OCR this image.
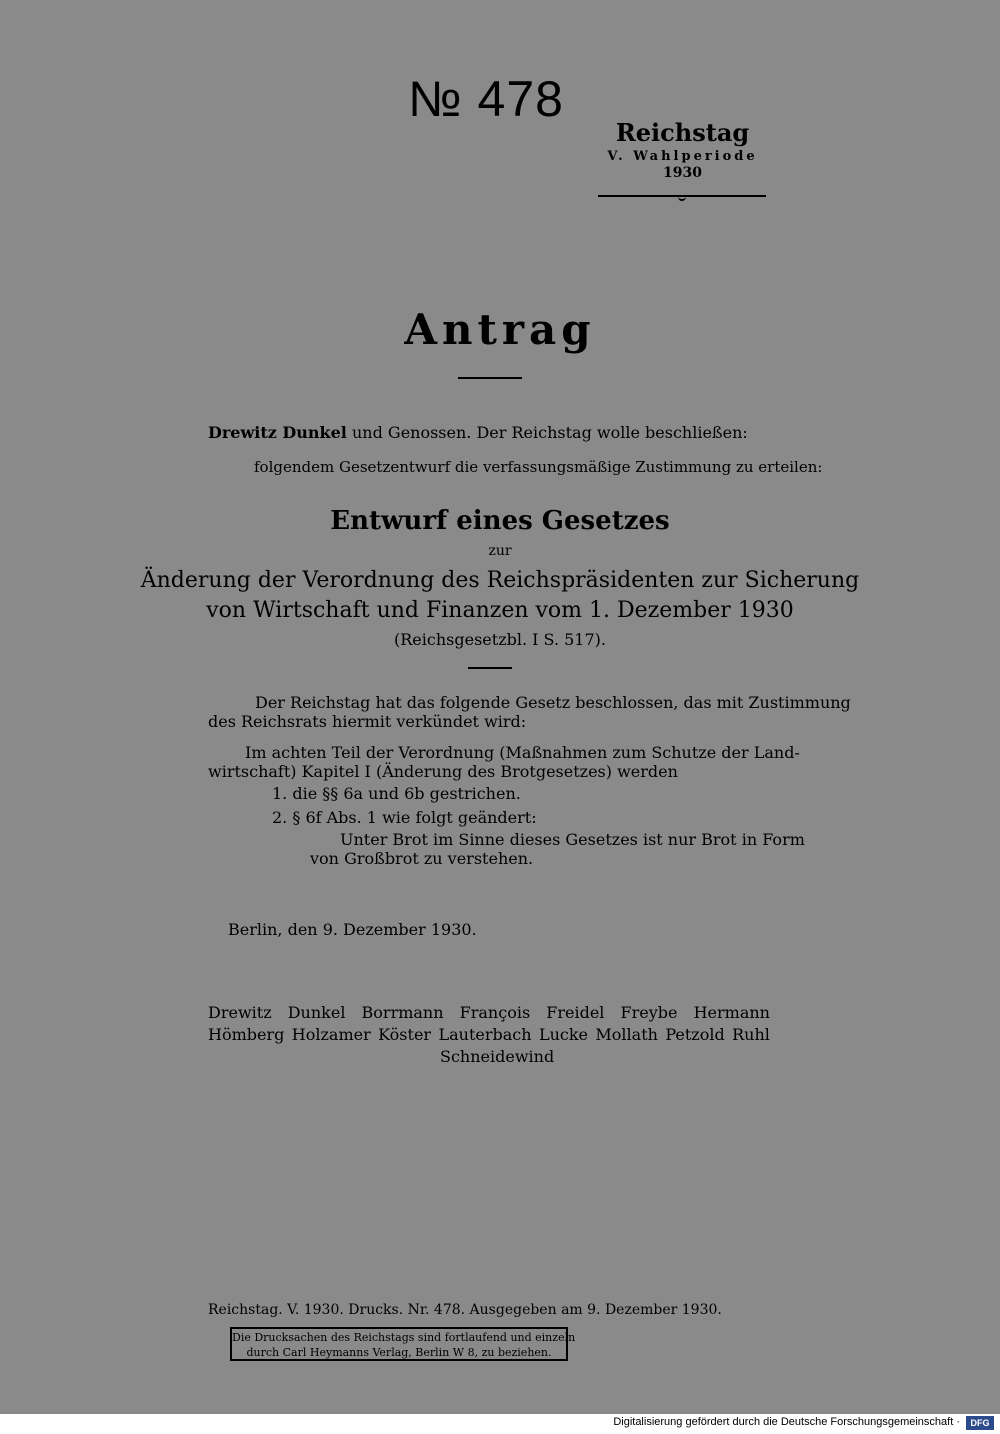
№ 478
Reichstag
V. Wahlperiode
1930
Antrag
Drewitz Dunkel und Genossen. Der Reichstag wolle beschließen:
folgendem Gesetzentwurf die verfassungsmäßige Zustimmung zu erteilen:
Entwurf eines Gesetzes
zur
Änderung der Verordnung des Reichspräsidenten zur Sicherung
von Wirtschaft und Finanzen vom 1. Dezember 1930
(Reichsgesetzbl. I S. 517).
Der Reichstag hat das folgende Gesetz beschlossen, das mit Zustimmung
des Reichsrats hiermit verkündet wird:
Im achten Teil der Verordnung (Maßnahmen zum Schutze der Land-
wirtschaft) Kapitel I (Änderung des Brotgesetzes) werden
1. die §§ 6a und 6b gestrichen.
2. § 6f Abs. 1 wie folgt geändert:
Unter Brot im Sinne dieses Gesetzes ist nur Brot in Form
von Großbrot zu verstehen.
Berlin, den 9. Dezember 1930.
Drewitz Dunkel Borrmann François Freidel Freybe Hermann
Hömberg Holzamer Köster Lauterbach Lucke Mollath Petzold Ruhl
Schneidewind
Reichstag. V. 1930. Drucks. Nr. 478. Ausgegeben am 9. Dezember 1930.
Die Drucksachen des Reichstags sind fortlaufend und einzeln
durch Carl Heymanns Verlag, Berlin W 8, zu beziehen.
Digitalisierung gefördert durch die Deutsche Forschungsgemeinschaft ·	DFG
